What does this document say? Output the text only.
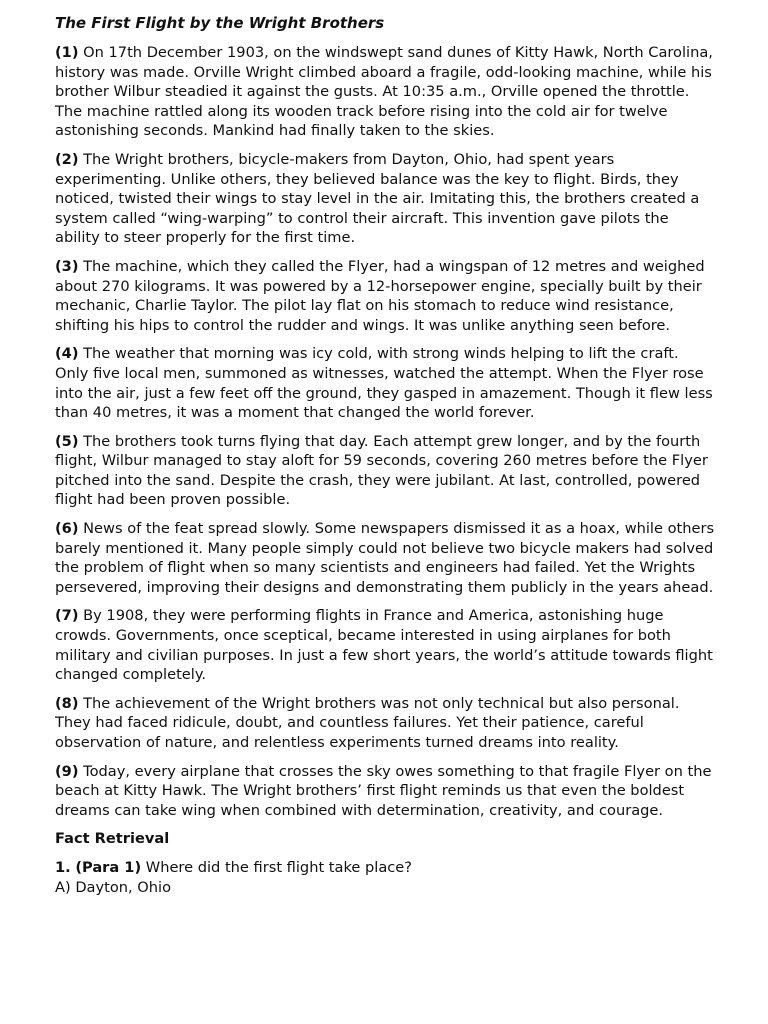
The First Flight by the Wright Brothers

(1) On 17th December 1903, on the windswept sand dunes of Kitty Hawk, North Carolina, history was made. Orville Wright climbed aboard a fragile, odd-looking machine, while his brother Wilbur steadied it against the gusts. At 10:35 a.m., Orville opened the throttle. The machine rattled along its wooden track before rising into the cold air for twelve astonishing seconds. Mankind had finally taken to the skies.

(2) The Wright brothers, bicycle-makers from Dayton, Ohio, had spent years experimenting. Unlike others, they believed balance was the key to flight. Birds, they noticed, twisted their wings to stay level in the air. Imitating this, the brothers created a system called “wing-warping” to control their aircraft. This invention gave pilots the ability to steer properly for the first time.

(3) The machine, which they called the Flyer, had a wingspan of 12 metres and weighed about 270 kilograms. It was powered by a 12-horsepower engine, specially built by their mechanic, Charlie Taylor. The pilot lay flat on his stomach to reduce wind resistance, shifting his hips to control the rudder and wings. It was unlike anything seen before.

(4) The weather that morning was icy cold, with strong winds helping to lift the craft. Only five local men, summoned as witnesses, watched the attempt. When the Flyer rose into the air, just a few feet off the ground, they gasped in amazement. Though it flew less than 40 metres, it was a moment that changed the world forever.

(5) The brothers took turns flying that day. Each attempt grew longer, and by the fourth flight, Wilbur managed to stay aloft for 59 seconds, covering 260 metres before the Flyer pitched into the sand. Despite the crash, they were jubilant. At last, controlled, powered flight had been proven possible.

(6) News of the feat spread slowly. Some newspapers dismissed it as a hoax, while others barely mentioned it. Many people simply could not believe two bicycle makers had solved the problem of flight when so many scientists and engineers had failed. Yet the Wrights persevered, improving their designs and demonstrating them publicly in the years ahead.

(7) By 1908, they were performing flights in France and America, astonishing huge crowds. Governments, once sceptical, became interested in using airplanes for both military and civilian purposes. In just a few short years, the world’s attitude towards flight changed completely.

(8) The achievement of the Wright brothers was not only technical but also personal. They had faced ridicule, doubt, and countless failures. Yet their patience, careful observation of nature, and relentless experiments turned dreams into reality.

(9) Today, every airplane that crosses the sky owes something to that fragile Flyer on the beach at Kitty Hawk. The Wright brothers’ first flight reminds us that even the boldest dreams can take wing when combined with determination, creativity, and courage.

Fact Retrieval

1. (Para 1) Where did the first flight take place?

A) Dayton, Ohio
